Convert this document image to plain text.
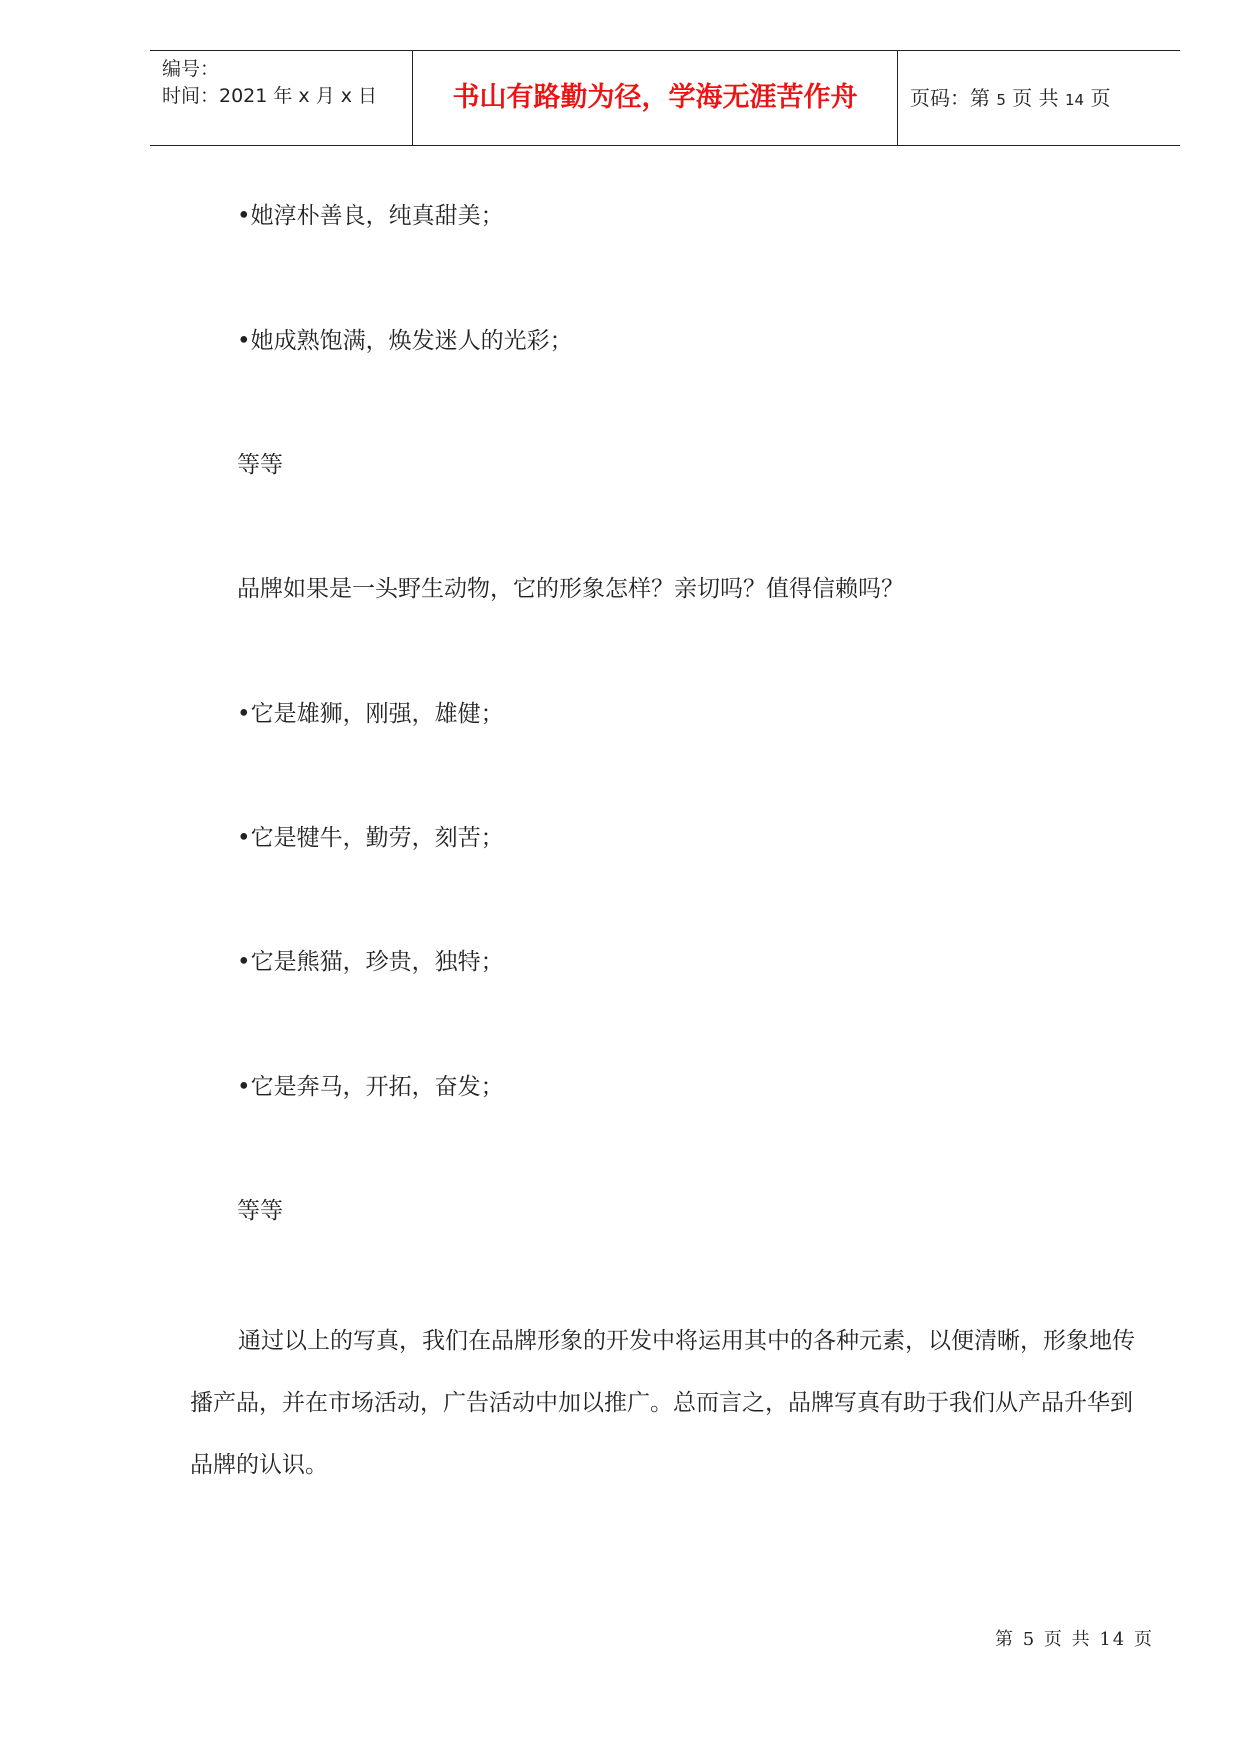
编号：
时间：2021 年 x 月 x 日	书山有路勤为径，学海无涯苦作舟	页码：第 5 页 共 14 页
•她淳朴善良，纯真甜美；
•她成熟饱满，焕发迷人的光彩；
等等
品牌如果是一头野生动物，它的形象怎样？亲切吗？值得信赖吗？
•它是雄狮，刚强，雄健；
•它是犍牛，勤劳，刻苦；
•它是熊猫，珍贵，独特；
•它是奔马，开拓，奋发；
等等
通过以上的写真，我们在品牌形象的开发中将运用其中的各种元素，以便清晰，形象地传播产品，并在市场活动，广告活动中加以推广。总而言之，品牌写真有助于我们从产品升华到品牌的认识。
第 5 页 共 14 页
